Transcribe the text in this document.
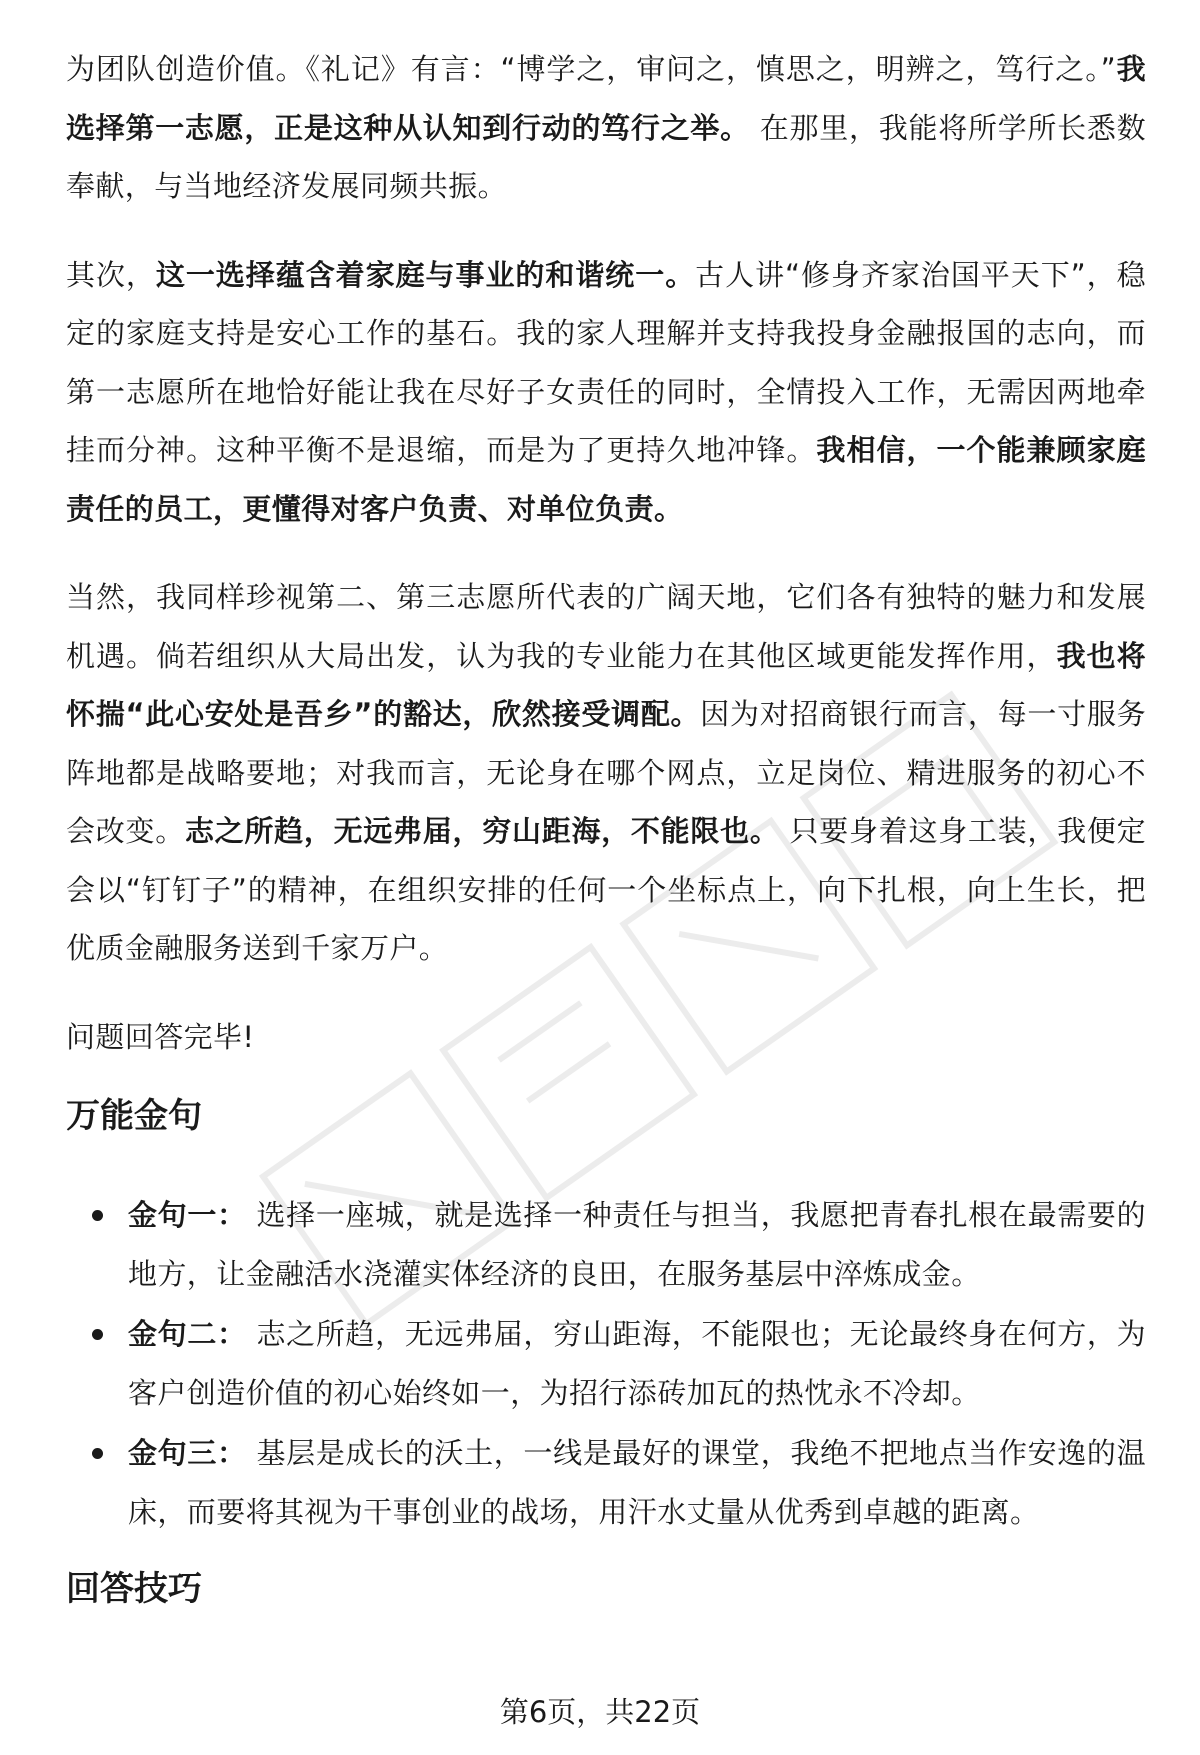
为团队创造价值。《礼记》有言：“博学之，审问之，慎思之，明辨之，笃行之。”我选择第一志愿，正是这种从认知到行动的笃行之举。 在那里，我能将所学所长悉数奉献，与当地经济发展同频共振。

其次，这一选择蕴含着家庭与事业的和谐统一。古人讲“修身齐家治国平天下”，稳定的家庭支持是安心工作的基石。我的家人理解并支持我投身金融报国的志向，而第一志愿所在地恰好能让我在尽好子女责任的同时，全情投入工作，无需因两地牵挂而分神。这种平衡不是退缩，而是为了更持久地冲锋。我相信，一个能兼顾家庭责任的员工，更懂得对客户负责、对单位负责。

当然，我同样珍视第二、第三志愿所代表的广阔天地，它们各有独特的魅力和发展机遇。倘若组织从大局出发，认为我的专业能力在其他区域更能发挥作用，我也将怀揣“此心安处是吾乡”的豁达，欣然接受调配。因为对招商银行而言，每一寸服务阵地都是战略要地；对我而言，无论身在哪个网点，立足岗位、精进服务的初心不会改变。志之所趋，无远弗届，穷山距海，不能限也。 只要身着这身工装，我便定会以“钉钉子”的精神，在组织安排的任何一个坐标点上，向下扎根，向上生长，把优质金融服务送到千家万户。

问题回答完毕!

万能金句
金句一： 选择一座城，就是选择一种责任与担当，我愿把青春扎根在最需要的地方，让金融活水浇灌实体经济的良田，在服务基层中淬炼成金。
金句二： 志之所趋，无远弗届，穷山距海，不能限也；无论最终身在何方，为客户创造价值的初心始终如一，为招行添砖加瓦的热忱永不冷却。
金句三： 基层是成长的沃土，一线是最好的课堂，我绝不把地点当作安逸的温床，而要将其视为干事创业的战场，用汗水丈量从优秀到卓越的距离。
回答技巧
第6页，共22页
